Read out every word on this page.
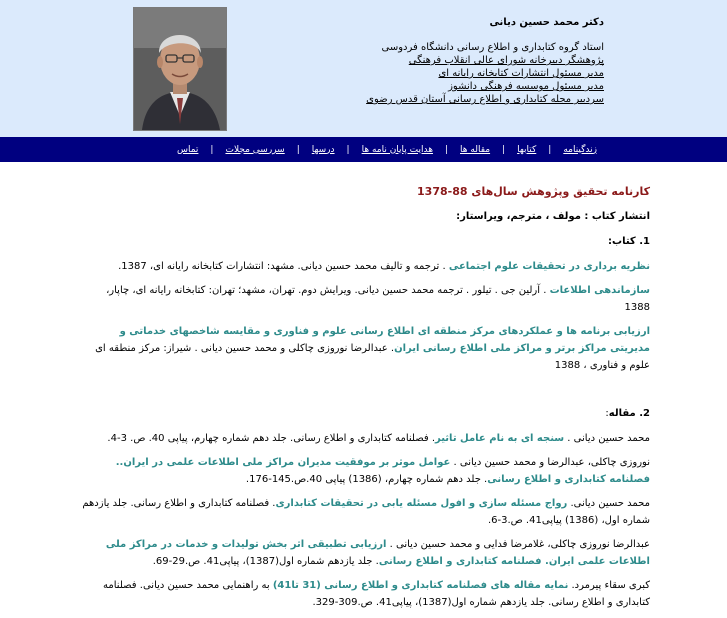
دکتر محمد حسين ديانی
استاد گروه کتابداری و اطلاع رسانی دانشگاه فردوسی
پژوهشگر دبیرخانه شورای عالی انقلاب فرهنگی
مدیر مسئول انتشارات کتابخانه رایانه ای
مدیر مسئول موسسه فرهنگی دانشوز
سردبیر مجله کتابداری و اطلاع رسانی آستان قدس رضوی
زندگینامه
|
کتابها
|
مقاله ها
|
هدایت پایان نامه ها
|
درسها
|
سررسی مجلات
|
تماس
کارنامه تحقیق وپژوهش سال‌های 88-1378
انتشار کتاب : مولف ، مترجم، ویراستار:
1. کتاب:
نظریه برداری در تحقیقات علوم اجتماعی . ترجمه و تالیف محمد حسین دیانی. مشهد: انتشارات کتابخانه رایانه ای، 1387.
سازماندهی اطلاعات . آرلین جی . تیلور . ترجمه محمد حسین دیانی. ویرایش دوم. تهران، مشهد؛ تهران: کتابخانه رایانه ای، چاپار، 1388
ارزیابی برنامه ها و عملکردهای مرکز منطقه ای اطلاع رسانی علوم و فناوری و مقایسه شاخصهای خدماتی و مدیریتی مراکز برتر و مراکز ملی اطلاع رسانی ایران. عبدالرضا نوروزی چاکلی و محمد حسین دیانی . شیراز: مرکز منطقه ای علوم و فناوری ، 1388
2. مقاله:
محمد حسین دیانی . سنجه ای به نام عامل تاثیر. فصلنامه کتابداری و اطلاع رسانی. جلد دهم شماره چهارم، پیاپی 40. ص. 3-4.
نوروزی چاکلی، عبدالرضا و محمد حسین دیانی . عوامل موثر بر موفقیت مدیران مراکز ملی اطلاعات علمی در ایران.. فصلنامه کتابداری و اطلاع رسانی. جلد دهم شماره چهارم، (1386) پیاپی 40.ص.145-176.
محمد حسین دیانی. رواج مسئله سازی و افول مسئله یابی در تحقیقات کتابداری. فصلنامه کتابداری و اطلاع رسانی. جلد یازدهم شماره اول، (1386) پیاپی41. ص.3-6.
عبدالرضا نوروزی چاکلی، غلامرضا فدایی و محمد حسین دیانی . ارزیابی تطبیقی اثر بخش تولیدات و خدمات در مراکز ملی اطلاعات علمی ایران. فصلنامه کتابداری و اطلاع رسانی. جلد یازدهم شماره اول(1387)، پیاپی41. ص.29-69.
کبری سقاء پیرمرد. نمایه مقاله های فصلنامه کتابداری و اطلاع رسانی (31 تا41) به راهنمایی محمد حسین دیانی. فصلنامه کتابداری و اطلاع رسانی. جلد یازدهم شماره اول(1387)، پیاپی41. ص.309-329.
